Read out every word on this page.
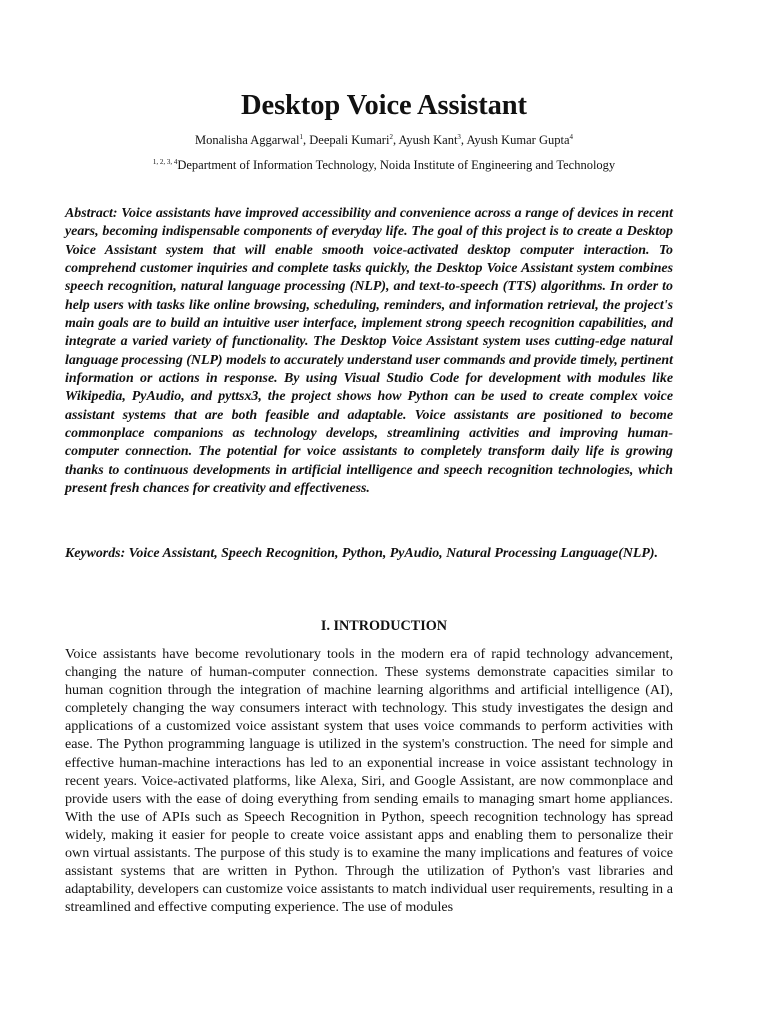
Desktop Voice Assistant

Monalisha Aggarwal$^1$, Deepali Kumari$^2$, Ayush Kant$^3$, Ayush Kumar Gupta$^4$

$^{1, 2, 3, 4}$Department of Information Technology, Noida Institute of Engineering and Technology

Abstract: Voice assistants have improved accessibility and convenience across a range of devices in recent years, becoming indispensable components of everyday life. The goal of this project is to create a Desktop Voice Assistant system that will enable smooth voice-activated desktop computer interaction. To comprehend customer inquiries and complete tasks quickly, the Desktop Voice Assistant system combines speech recognition, natural language processing (NLP), and text-to-speech (TTS) algorithms. In order to help users with tasks like online browsing, scheduling, reminders, and information retrieval, the project's main goals are to build an intuitive user interface, implement strong speech recognition capabilities, and integrate a varied variety of functionality. The Desktop Voice Assistant system uses cutting-edge natural language processing (NLP) models to accurately understand user commands and provide timely, pertinent information or actions in response. By using Visual Studio Code for development with modules like Wikipedia, PyAudio, and pyttsx3, the project shows how Python can be used to create complex voice assistant systems that are both feasible and adaptable. Voice assistants are positioned to become commonplace companions as technology develops, streamlining activities and improving human-computer connection. The potential for voice assistants to completely transform daily life is growing thanks to continuous developments in artificial intelligence and speech recognition technologies, which present fresh chances for creativity and effectiveness.

Keywords: Voice Assistant, Speech Recognition, Python, PyAudio, Natural Processing Language(NLP).

I. INTRODUCTION

Voice assistants have become revolutionary tools in the modern era of rapid technology advancement, changing the nature of human-computer connection. These systems demonstrate capacities similar to human cognition through the integration of machine learning algorithms and artificial intelligence (AI), completely changing the way consumers interact with technology. This study investigates the design and applications of a customized voice assistant system that uses voice commands to perform activities with ease. The Python programming language is utilized in the system's construction. The need for simple and effective human-machine interactions has led to an exponential increase in voice assistant technology in recent years. Voice-activated platforms, like Alexa, Siri, and Google Assistant, are now commonplace and provide users with the ease of doing everything from sending emails to managing smart home appliances. With the use of APIs such as Speech Recognition in Python, speech recognition technology has spread widely, making it easier for people to create voice assistant apps and enabling them to personalize their own virtual assistants. The purpose of this study is to examine the many implications and features of voice assistant systems that are written in Python. Through the utilization of Python's vast libraries and adaptability, developers can customize voice assistants to match individual user requirements, resulting in a streamlined and effective computing experience. The use of modules
